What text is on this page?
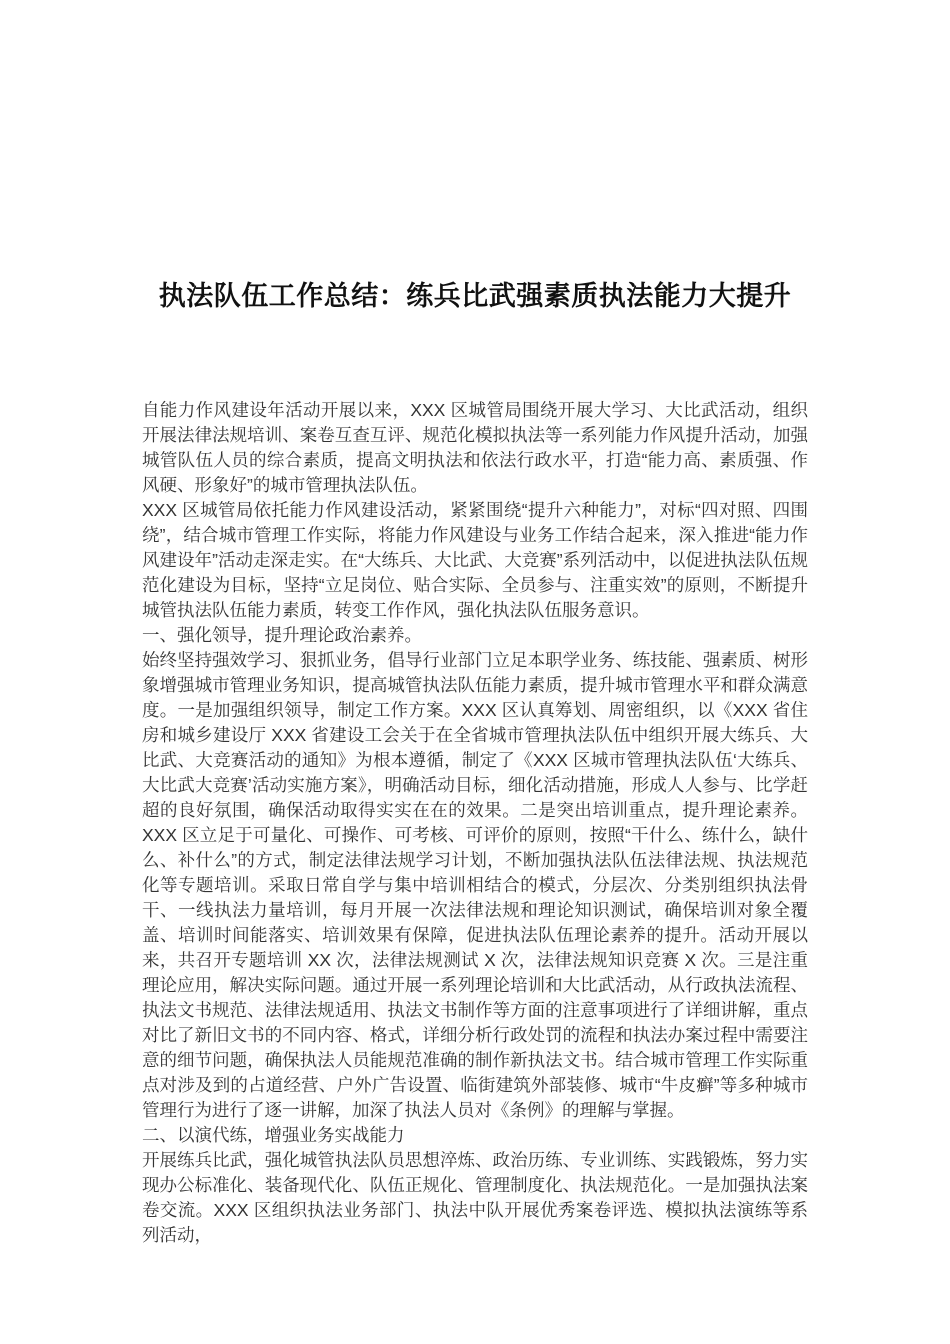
执法队伍工作总结：练兵比武强素质执法能力大提升

自能力作风建设年活动开展以来，XXX 区城管局围绕开展大学习、大比武活动，组织开展法律法规培训、案卷互查互评、规范化模拟执法等一系列能力作风提升活动，加强城管队伍人员的综合素质，提高文明执法和依法行政水平，打造“能力高、素质强、作风硬、形象好”的城市管理执法队伍。

XXX 区城管局依托能力作风建设活动，紧紧围绕“提升六种能力”，对标“四对照、四围绕”，结合城市管理工作实际，将能力作风建设与业务工作结合起来，深入推进“能力作风建设年”活动走深走实。在“大练兵、大比武、大竞赛”系列活动中，以促进执法队伍规范化建设为目标，坚持“立足岗位、贴合实际、全员参与、注重实效”的原则，不断提升城管执法队伍能力素质，转变工作作风，强化执法队伍服务意识。

一、强化领导，提升理论政治素养。

始终坚持强效学习、狠抓业务，倡导行业部门立足本职学业务、练技能、强素质、树形象增强城市管理业务知识，提高城管执法队伍能力素质，提升城市管理水平和群众满意度。一是加强组织领导，制定工作方案。XXX 区认真筹划、周密组织，以《XXX 省住房和城乡建设厅 XXX 省建设工会关于在全省城市管理执法队伍中组织开展大练兵、大比武、大竞赛活动的通知》为根本遵循，制定了《XXX 区城市管理执法队伍‘大练兵、大比武大竞赛’活动实施方案》，明确活动目标，细化活动措施，形成人人参与、比学赶超的良好氛围，确保活动取得实实在在的效果。二是突出培训重点，提升理论素养。XXX 区立足于可量化、可操作、可考核、可评价的原则，按照“干什么、练什么，缺什么、补什么”的方式，制定法律法规学习计划，不断加强执法队伍法律法规、执法规范化等专题培训。采取日常自学与集中培训相结合的模式，分层次、分类别组织执法骨干、一线执法力量培训，每月开展一次法律法规和理论知识测试，确保培训对象全覆盖、培训时间能落实、培训效果有保障，促进执法队伍理论素养的提升。活动开展以来，共召开专题培训 XX 次，法律法规测试 X 次，法律法规知识竞赛 X 次。三是注重理论应用，解决实际问题。通过开展一系列理论培训和大比武活动，从行政执法流程、执法文书规范、法律法规适用、执法文书制作等方面的注意事项进行了详细讲解，重点对比了新旧文书的不同内容、格式，详细分析行政处罚的流程和执法办案过程中需要注意的细节问题，确保执法人员能规范准确的制作新执法文书。结合城市管理工作实际重点对涉及到的占道经营、户外广告设置、临街建筑外部装修、城市“牛皮癣”等多种城市管理行为进行了逐一讲解，加深了执法人员对《条例》的理解与掌握。

二、以演代练，增强业务实战能力

开展练兵比武，强化城管执法队员思想淬炼、政治历练、专业训练、实践锻炼，努力实现办公标准化、装备现代化、队伍正规化、管理制度化、执法规范化。一是加强执法案卷交流。XXX 区组织执法业务部门、执法中队开展优秀案卷评选、模拟执法演练等系列活动，
